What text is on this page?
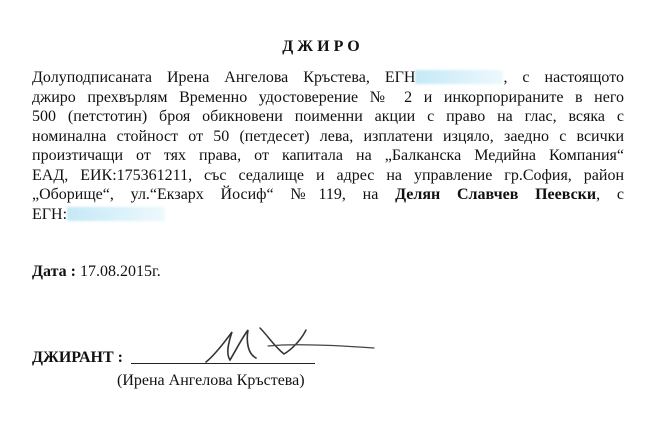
ДЖИРО
Долуподписаната Ирена Ангелова Кръстева, ЕГН	, с настоящото
джиро прехвърлям Временно удостоверение № 2 и инкорпорираните в него
500 (петстотин) броя обикновени поименни акции с право на глас, всяка с
номинална стойност от 50 (петдесет) лева, изплатени изцяло, заедно с всички
произтичащи от тях права, от капитала на „Балканска Медийна Компания“
ЕАД, ЕИК:175361211, със седалище и адрес на управление гр.София, район
„Оборище“, ул.“Екзарх Йосиф“ №119, на Делян Славчев Пеевски, с
ЕГН:
Дата : 17.08.2015г.
ДЖИРАНТ :
(Ирена Ангелова Кръстева)
